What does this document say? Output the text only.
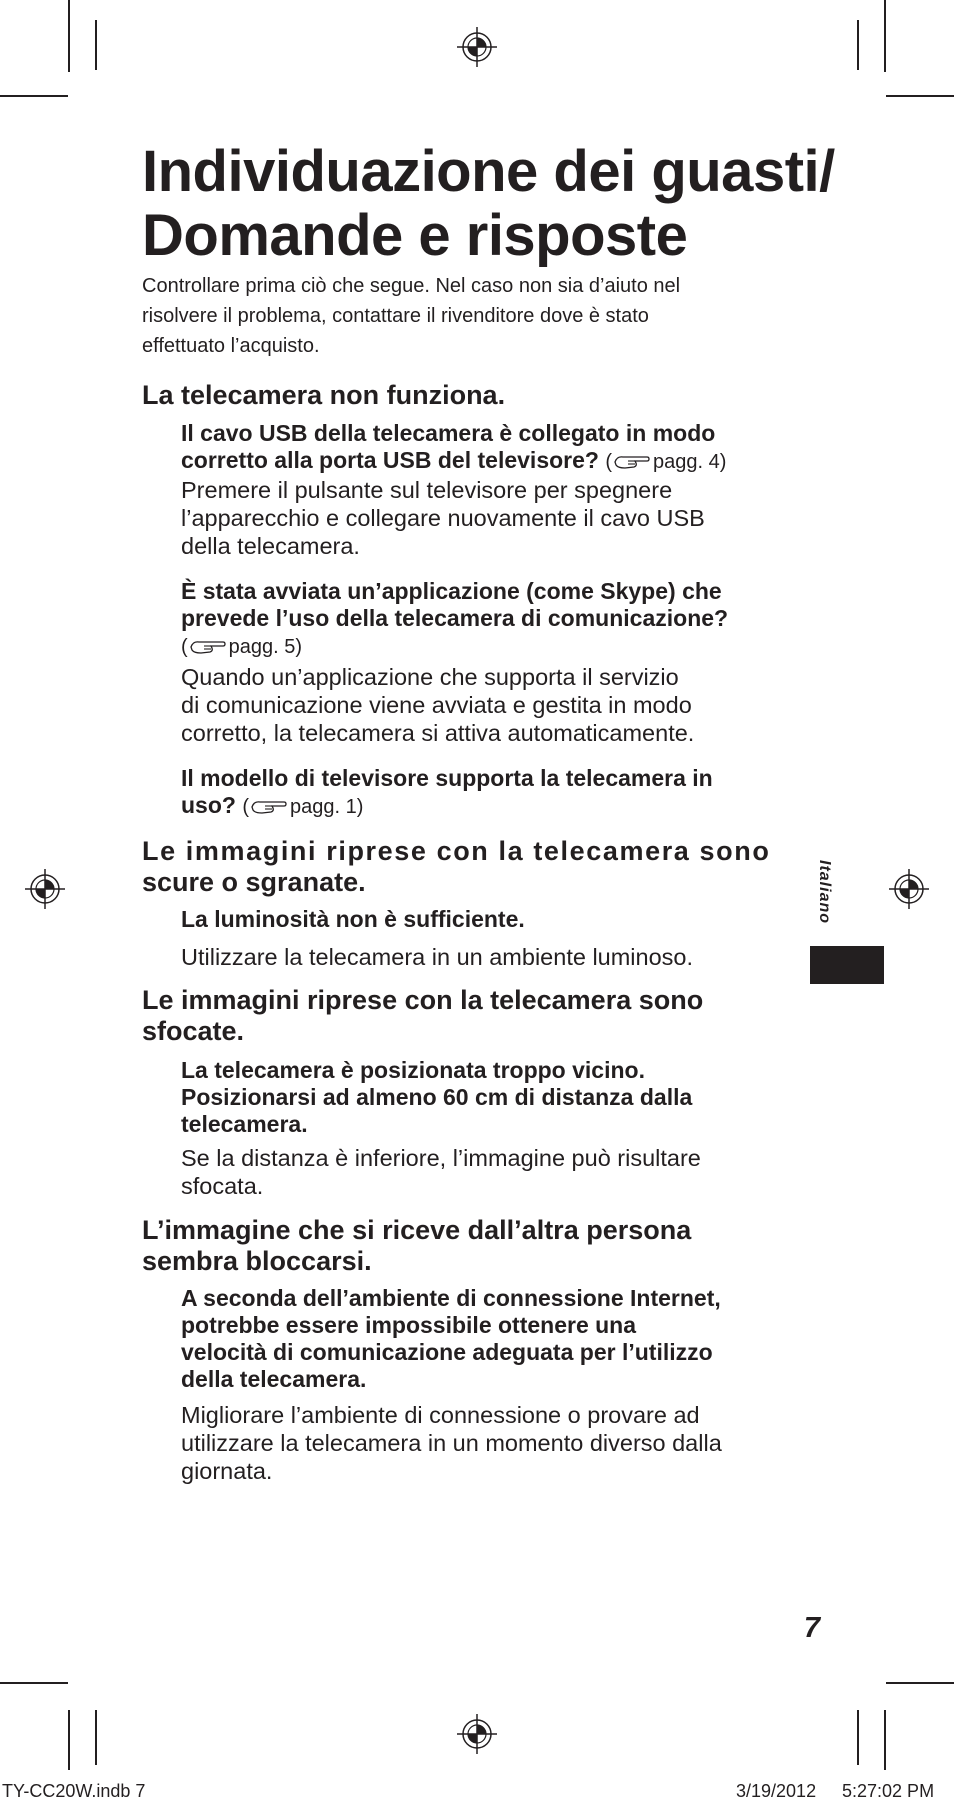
Individuazione dei guasti/
Domande e risposte
Controllare prima ciò che segue. Nel caso non sia d’aiuto nel
risolvere il problema, contattare il rivenditore dove è stato
effettuato l’acquisto.
La telecamera non funziona.

Il cavo USB della telecamera è collegato in modo
corretto alla porta USB del televisore? ( pagg. 4)

Premere il pulsante sul televisore per spegnere
l’apparecchio e collegare nuovamente il cavo USB
della telecamera.

È stata avviata un’applicazione (come Skype) che
prevede l’uso della telecamera di comunicazione?
( pagg. 5)

Quando un’applicazione che supporta il servizio
di comunicazione viene avviata e gestita in modo
corretto, la telecamera si attiva automaticamente.

Il modello di televisore supporta la telecamera in
uso? ( pagg. 1)

Le immagini riprese con la telecamera sono
scure o sgranate.

La luminosità non è sufficiente.

Utilizzare la telecamera in un ambiente luminoso.

Le immagini riprese con la telecamera sono
sfocate.

La telecamera è posizionata troppo vicino.
Posizionarsi ad almeno 60 cm di distanza dalla
telecamera.

Se la distanza è inferiore, l’immagine può risultare
sfocata.

L’immagine che si riceve dall’altra persona
sembra bloccarsi.

A seconda dell’ambiente di connessione Internet,
potrebbe essere impossibile ottenere una
velocità di comunicazione adeguata per l’utilizzo
della telecamera.

Migliorare l’ambiente di connessione o provare ad
utilizzare la telecamera in un momento diverso dalla
giornata.

Italiano
7
TY-CC20W.indb 7	3/19/2012 5:27:02 PM
